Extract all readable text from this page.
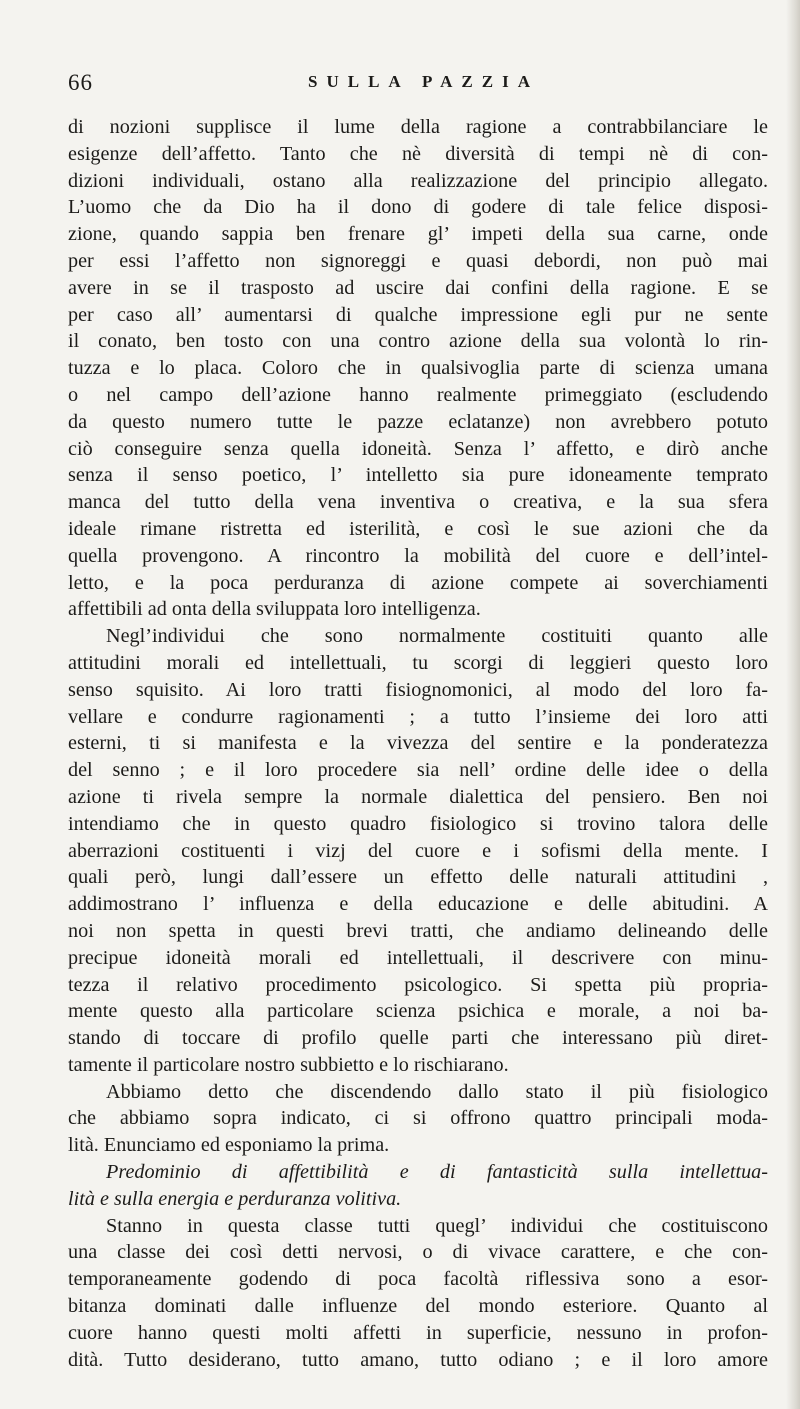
66	SULLA PAZZIA
di nozioni supplisce il lume della ragione a contrabbilanciare le
esigenze dell’affetto. Tanto che nè diversità di tempi nè di con-
dizioni individuali, ostano alla realizzazione del principio allegato.
L’uomo che da Dio ha il dono di godere di tale felice disposi-
zione, quando sappia ben frenare gl’ impeti della sua carne, onde
per essi l’affetto non signoreggi e quasi debordi, non può mai
avere in se il trasposto ad uscire dai confini della ragione. E se
per caso all’ aumentarsi di qualche impressione egli pur ne sente
il conato, ben tosto con una contro azione della sua volontà lo rin-
tuzza e lo placa. Coloro che in qualsivoglia parte di scienza umana
o nel campo dell’azione hanno realmente primeggiato (escludendo
da questo numero tutte le pazze eclatanze) non avrebbero potuto
ciò conseguire senza quella idoneità. Senza l’ affetto, e dirò anche
senza il senso poetico, l’ intelletto sia pure idoneamente temprato
manca del tutto della vena inventiva o creativa, e la sua sfera
ideale rimane ristretta ed isterilità, e così le sue azioni che da
quella provengono. A rincontro la mobilità del cuore e dell’intel-
letto, e la poca perduranza di azione compete ai soverchiamenti
affettibili ad onta della sviluppata loro intelligenza.
Negl’individui che sono normalmente costituiti quanto alle
attitudini morali ed intellettuali, tu scorgi di leggieri questo loro
senso squisito. Ai loro tratti fisiognomonici, al modo del loro fa-
vellare e condurre ragionamenti ; a tutto l’insieme dei loro atti
esterni, ti si manifesta e la vivezza del sentire e la ponderatezza
del senno ; e il loro procedere sia nell’ ordine delle idee o della
azione ti rivela sempre la normale dialettica del pensiero. Ben noi
intendiamo che in questo quadro fisiologico si trovino talora delle
aberrazioni costituenti i vizj del cuore e i sofismi della mente. I
quali però, lungi dall’essere un effetto delle naturali attitudini ,
addimostrano l’ influenza e della educazione e delle abitudini. A
noi non spetta in questi brevi tratti, che andiamo delineando delle
precipue idoneità morali ed intellettuali, il descrivere con minu-
tezza il relativo procedimento psicologico. Si spetta più propria-
mente questo alla particolare scienza psichica e morale, a noi ba-
stando di toccare di profilo quelle parti che interessano più diret-
tamente il particolare nostro subbietto e lo rischiarano.
Abbiamo detto che discendendo dallo stato il più fisiologico
che abbiamo sopra indicato, ci si offrono quattro principali moda-
lità. Enunciamo ed esponiamo la prima.
Predominio di affettibilità e di fantasticità sulla intellettua-
lità e sulla energia e perduranza volitiva.
Stanno in questa classe tutti quegl’ individui che costituiscono
una classe dei così detti nervosi, o di vivace carattere, e che con-
temporaneamente godendo di poca facoltà riflessiva sono a esor-
bitanza dominati dalle influenze del mondo esteriore. Quanto al
cuore hanno questi molti affetti in superficie, nessuno in profon-
dità. Tutto desiderano, tutto amano, tutto odiano ; e il loro amore
